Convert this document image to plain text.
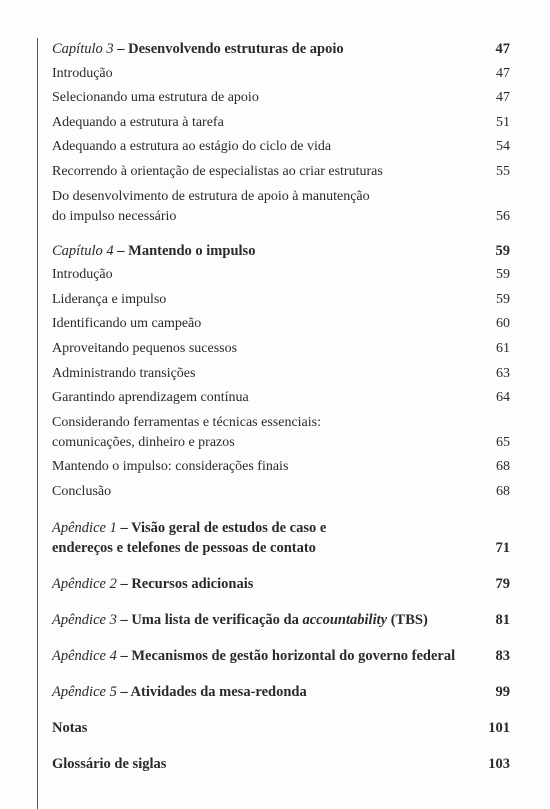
Capítulo 3 – Desenvolvendo estruturas de apoio	47
Introdução	47
Selecionando uma estrutura de apoio	47
Adequando a estrutura à tarefa	51
Adequando a estrutura ao estágio do ciclo de vida	54
Recorrendo à orientação de especialistas ao criar estruturas	55
Do desenvolvimento de estrutura de apoio à manutenção
do impulso necessário	56
Capítulo 4 – Mantendo o impulso	59
Introdução	59
Liderança e impulso	59
Identificando um campeão	60
Aproveitando pequenos sucessos	61
Administrando transições	63
Garantindo aprendizagem contínua	64
Considerando ferramentas e técnicas essenciais:
comunicações, dinheiro e prazos	65
Mantendo o impulso: considerações finais	68
Conclusão	68
Apêndice 1 – Visão geral de estudos de caso e
endereços e telefones de pessoas de contato	71
Apêndice 2 – Recursos adicionais	79
Apêndice 3 – Uma lista de verificação da accountability (TBS)	81
Apêndice 4 – Mecanismos de gestão horizontal do governo federal	83
Apêndice 5 – Atividades da mesa-redonda	99
Notas	101
Glossário de siglas	103
